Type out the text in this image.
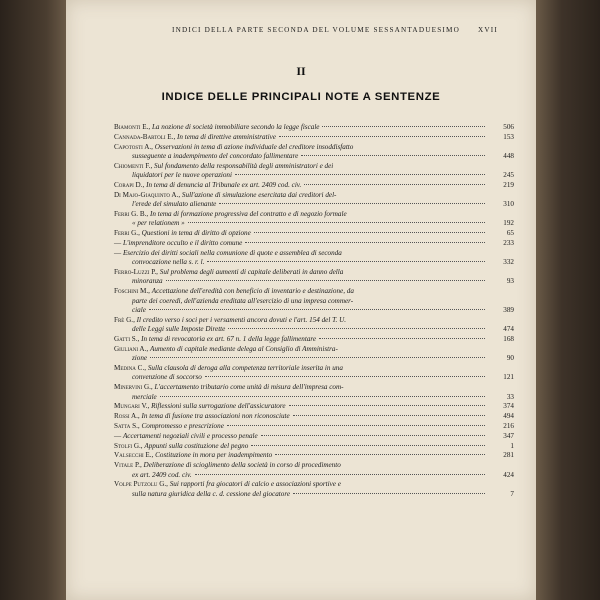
INDICI DELLA PARTE SECONDA DEL VOLUME SESSANTADUESIMO	XVII
II
INDICE DELLE PRINCIPALI NOTE A SENTENZE
Biamonti E., La nozione di società immobiliare secondo la legge fiscale	506
Cannada-Bartoli E., In tema di direttive amministrative	153
Capotosti A., Osservazioni in tema di azione individuale del creditore insoddisfatto
susseguente a inadempimento del concordato fallimentare	448
Chiomenti F., Sul fondamento della responsabilità degli amministratori e dei
liquidatori per le nuove operazioni	245
Corapi D., In tema di denuncia al Tribunale ex art. 2409 cod. civ.	219
Di Majo-Giaquinto A., Sull'azione di simulazione esercitata dai creditori del-
l'erede del simulato alienante	310
Ferri G. B., In tema di formazione progressiva del contratto e di negozio formale
« per relationem »	192
Ferri G., Questioni in tema di diritto di opzione	65
— L'imprenditore occulto e il diritto comune	233
— Esercizio dei diritti sociali nella comunione di quote e assemblea di seconda
convocazione nella s. r. l.	332
Ferro-Luzzi P., Sul problema degli aumenti di capitale deliberati in danno della
minoranza	93
Foschini M., Accettazione dell'eredità con beneficio di inventario e destinazione, da
parte dei coeredi, dell'azienda ereditata all'esercizio di una impresa commer-
ciale	389
Frè G., Il credito verso i soci per i versamenti ancora dovuti e l'art. 154 del T. U.
delle Leggi sulle Imposte Dirette	474
Gatti S., In tema di revocatoria ex art. 67 n. 1 della legge fallimentare	168
Giuliani A., Aumento di capitale mediante delega al Consiglio di Amministra-
zione	90
Medina C., Sulla clausola di deroga alla competenza territoriale inserita in una
convenzione di soccorso	121
Minervini G., L'accertamento tributario come unità di misura dell'impresa com-
merciale	33
Mungari V., Riflessioni sulla surrogazione dell'assicuratore	374
Rossi A., In tema di fusione tra associazioni non riconosciute	494
Satta S., Compromesso e prescrizione	216
— Accertamenti negoziali civili e processo penale	347
Stolfi G., Appunti sulla costituzione del pegno	1
Valsecchi E., Costituzione in mora per inadempimento	281
Vitale P., Deliberazione di scioglimento della società in corso di procedimento
ex art. 2409 cod. civ.	424
Volpe Putzolu G., Sui rapporti fra giocatori di calcio e associazioni sportive e
sulla natura giuridica della c. d. cessione del giocatore	7
